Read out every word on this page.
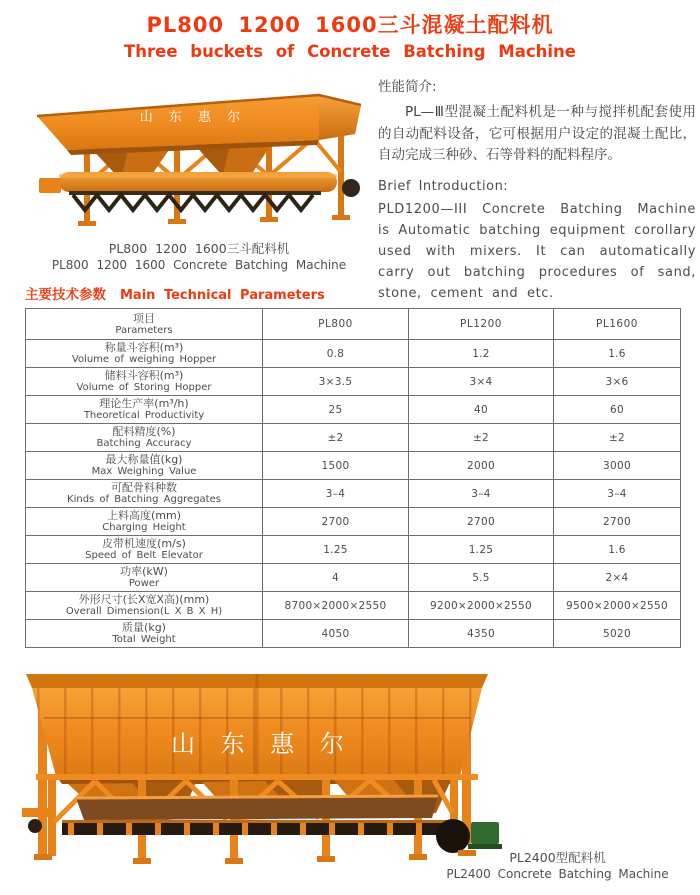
PL800 1200 1600三斗混凝土配料机
Three buckets of Concrete Batching Machine
山 东 惠 尔
PL800 1200 1600三斗配料机
PL800 1200 1600 Concrete Batching Machine
性能简介:
PL—Ⅲ型混凝土配料机是一种与搅拌机配套使用的自动配料设备，它可根据用户设定的混凝土配比，自动完成三种砂、石等骨料的配料程序。
Brief Introduction:
PLD1200—III Concrete Batching Machine is Automatic batching equipment corollary used with mixers. It can automatically carry out batching procedures of sand, stone, cement and etc.
主要技术参数 Main Technical Parameters
项目
Parameters	PL800	PL1200	PL1600

称量斗容积(m³)
Volume of weighing Hopper	0.8	1.2	1.6

储料斗容积(m³)
Volume of Storing Hopper	3×3.5	3×4	3×6

理论生产率(m³/h)
Theoretical Productivity	25	40	60

配料精度(%)
Batching Accuracy	±2	±2	±2

最大称量值(kg)
Max Weighing Value	1500	2000	3000

可配骨料种数
Kinds of Batching Aggregates	3–4	3–4	3–4

上料高度(mm)
Charging Height	2700	2700	2700

皮带机速度(m/s)
Speed of Belt Elevator	1.25	1.25	1.6

功率(kW)
Power	4	5.5	2×4

外形尺寸(长X宽X高)(mm)
Overall Dimension(L X B X H)	8700×2000×2550	9200×2000×2550	9500×2000×2550

质量(kg)
Total Weight	4050	4350	5020
山 东 惠 尔
PL2400型配料机
PL2400 Concrete Batching Machine
